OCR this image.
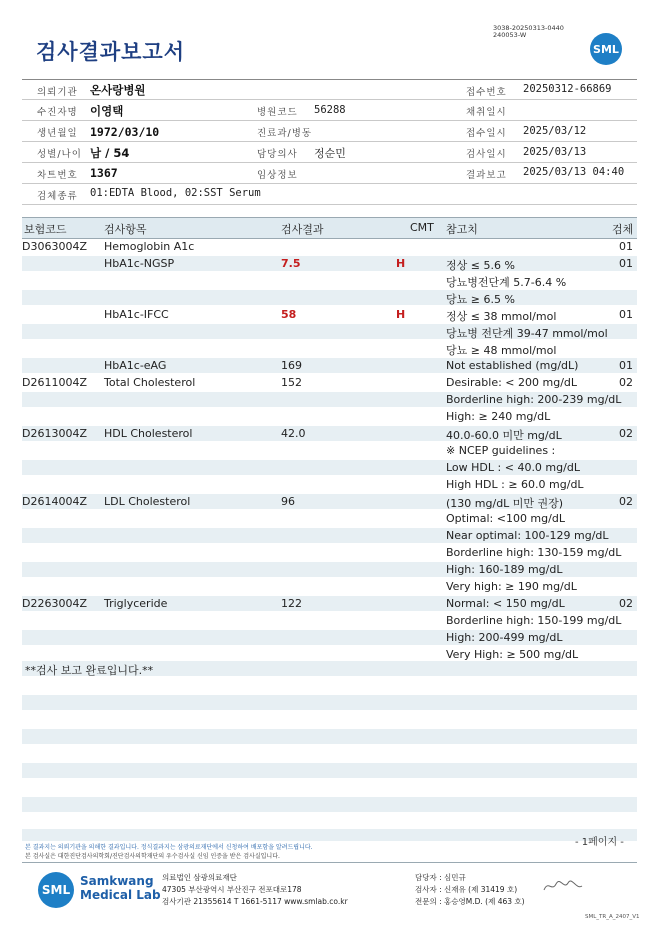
검사결과보고서
3038-20250313-0440
240053-W
SML
의뢰기관 온사랑병원	접수번호 20250312-66869
수진자명 이영택	병원코드 56288	채취일시
생년월일 1972/03/10	진료과/병동	접수일시 2025/03/12
성별/나이 남 / 54	담당의사 정순민	검사일시 2025/03/13
차트번호 1367	임상정보	결과보고 2025/03/13 04:40
검체종류 01:EDTA Blood, 02:SST Serum
보험코드	검사항목	검사결과	CMT 참고치	검체
D3063004Z Hemoglobin A1c	01
HbA1c-NGSP	7.5	H	정상 ≤ 5.6 %	01
당뇨병전단계 5.7-6.4 %
당뇨 ≥ 6.5 %
HbA1c-IFCC	58	H	정상 ≤ 38 mmol/mol	01
당뇨병 전단계 39-47 mmol/mol
당뇨 ≥ 48 mmol/mol
HbA1c-eAG	169	Not established (mg/dL)	01
D2611004Z Total Cholesterol	152	Desirable: < 200 mg/dL	02
Borderline high: 200-239 mg/dL
High: ≥ 240 mg/dL
D2613004Z HDL Cholesterol	42.0	40.0-60.0 미만 mg/dL	02
※ NCEP guidelines :
Low HDL : < 40.0 mg/dL
High HDL : ≥ 60.0 mg/dL
D2614004Z LDL Cholesterol	96	(130 mg/dL 미만 권장)	02
Optimal: <100 mg/dL
Near optimal: 100-129 mg/dL
Borderline high: 130-159 mg/dL
High: 160-189 mg/dL
Very high: ≥ 190 mg/dL
D2263004Z Triglyceride	122	Normal: < 150 mg/dL	02
Borderline high: 150-199 mg/dL
High: 200-499 mg/dL
Very High: ≥ 500 mg/dL
**검사 보고 완료입니다.**
본 결과지는 의뢰기관을 의해한 결과입니다. 정식결과지는 삼광의료재단에서 신청하여 배포함을 알려드립니다.
본 검사실은 대한진단검사의학회/진단검사의학재단의 우수검사실 신임 인증을 받은 검사실입니다.
- 1페이지 -
SML
Samkwang
Medical Lab
의료법인 삼광의료재단
47305 부산광역시 부산진구 전포대로178
검사기관 21355614 T 1661-5117 www.smlab.co.kr
담당자 : 심민규
검사자 : 신재유 (제 31419 호)
전문의 : 홍승영M.D. (제 463 호)
SML_TR_A_2407_V1
